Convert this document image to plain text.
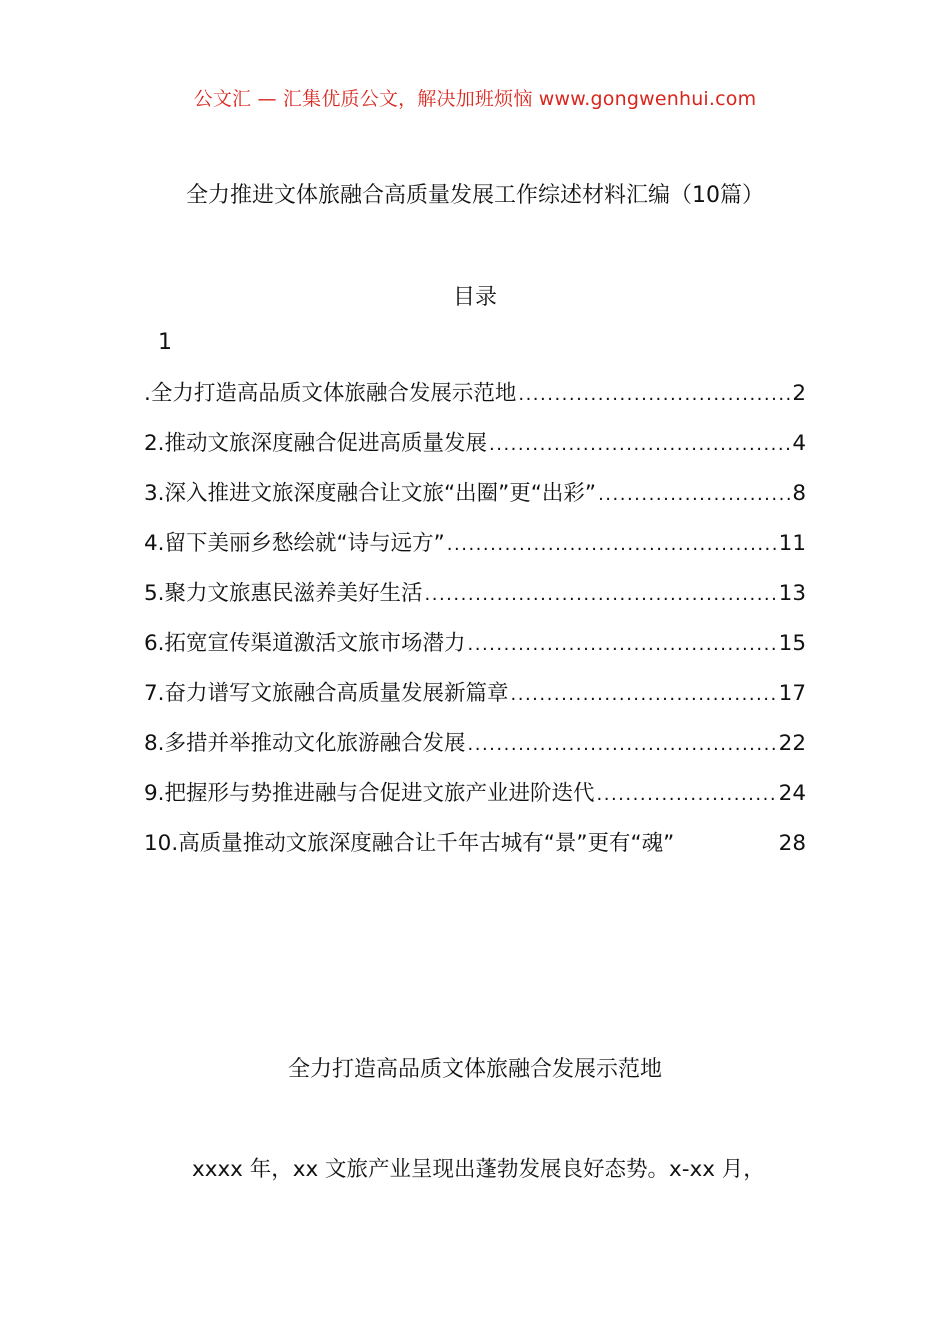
公文汇 — 汇集优质公文，解决加班烦恼 www.gongwenhui.com
全力推进文体旅融合高质量发展工作综述材料汇编（10篇）
目录
1
.全力打造高品质文体旅融合发展示范地 .....	2
2.推动文旅深度融合促进高质量发展 .....	4
3.深入推进文旅深度融合让文旅“出圈”更“出彩” .....	8
4.留下美丽乡愁绘就“诗与远方” .....	11
5.聚力文旅惠民滋养美好生活 .....	13
6.拓宽宣传渠道激活文旅市场潜力 .....	15
7.奋力谱写文旅融合高质量发展新篇章 .....	17
8.多措并举推动文化旅游融合发展 .....	22
9.把握形与势推进融与合促进文旅产业进阶迭代 .....	24
10.高质量推动文旅深度融合让千年古城有“景”更有“魂”	28
全力打造高品质文体旅融合发展示范地
xxxx 年，xx 文旅产业呈现出蓬勃发展良好态势。x-xx 月，
